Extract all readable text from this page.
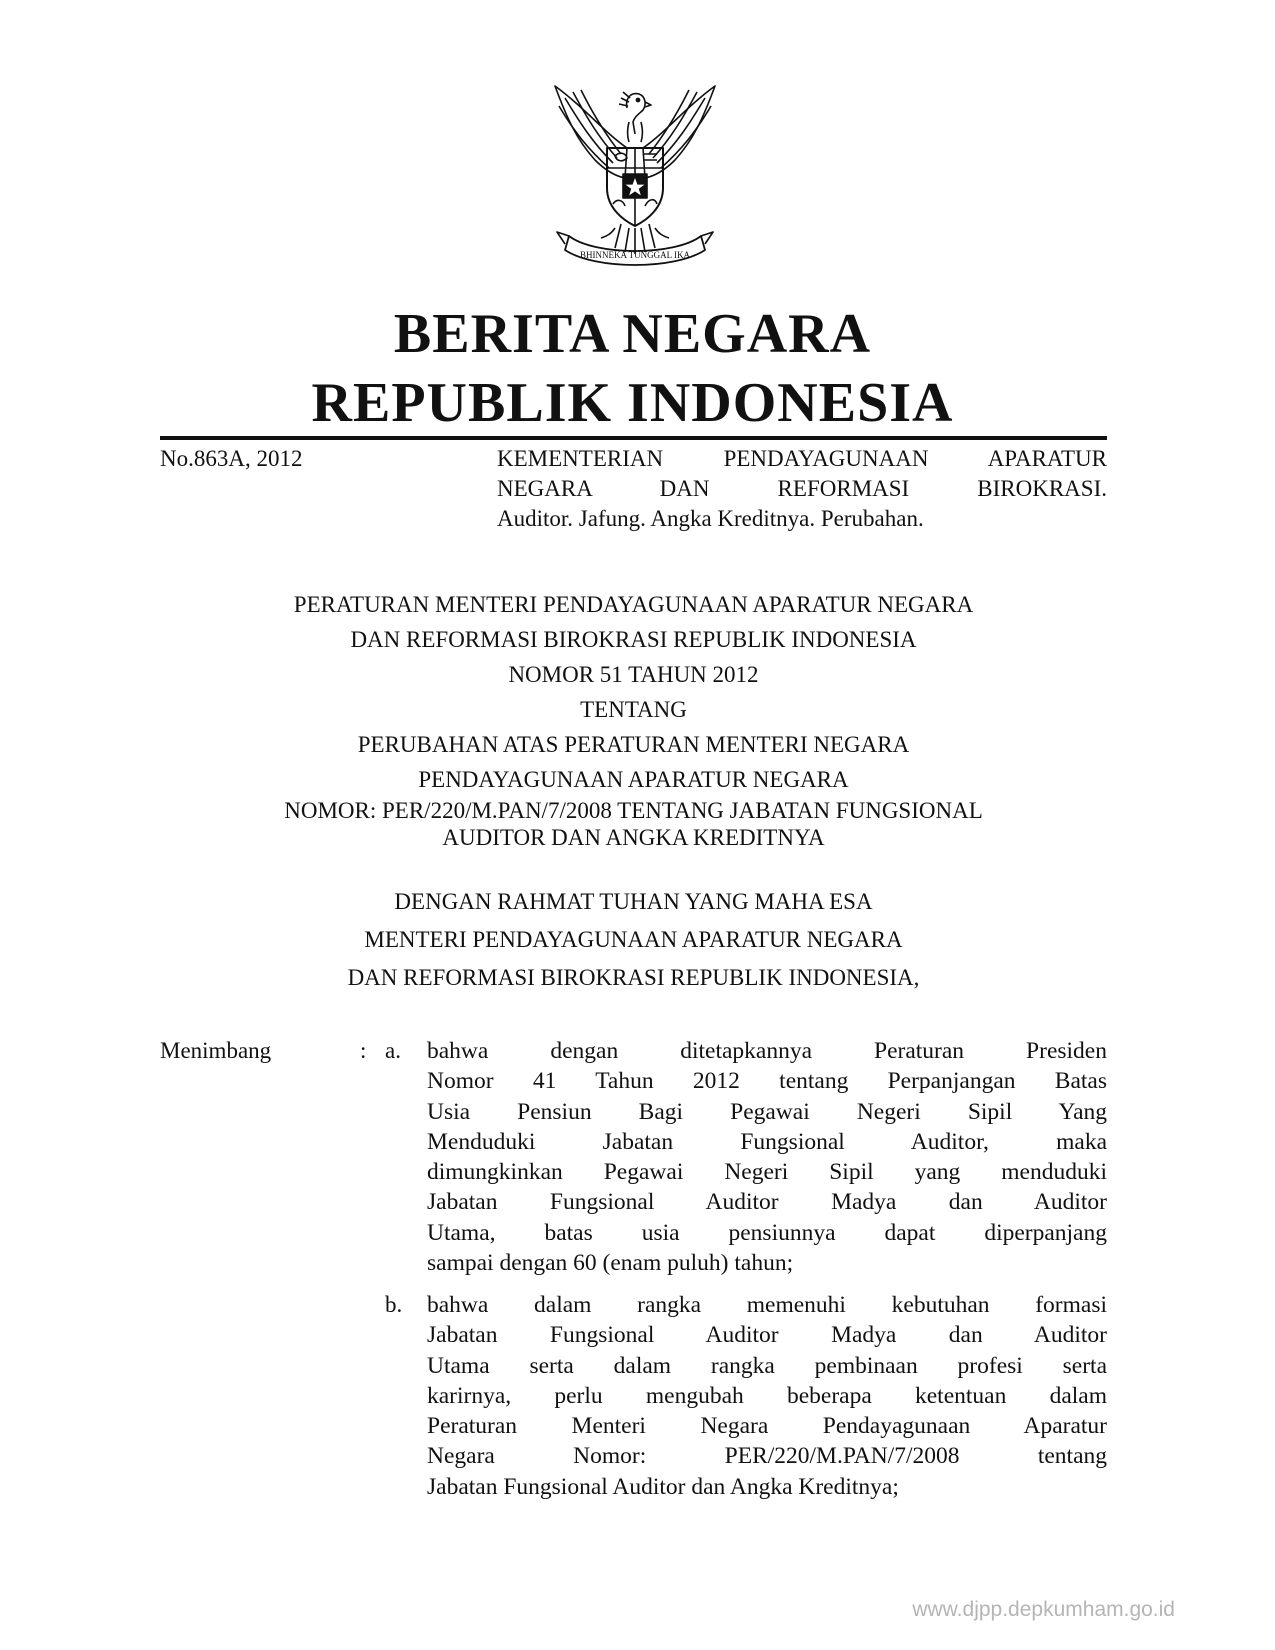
BHINNEKA TUNGGAL IKA
BERITA NEGARA
REPUBLIK INDONESIA
No.863A, 2012	KEMENTERIAN PENDAYAGUNAAN APARATUR
NEGARA DAN REFORMASI BIROKRASI.
Auditor. Jafung. Angka Kreditnya. Perubahan.
PERATURAN MENTERI PENDAYAGUNAAN APARATUR NEGARA
DAN REFORMASI BIROKRASI REPUBLIK INDONESIA
NOMOR 51 TAHUN 2012
TENTANG
PERUBAHAN ATAS PERATURAN MENTERI NEGARA
PENDAYAGUNAAN APARATUR NEGARA
NOMOR: PER/220/M.PAN/7/2008 TENTANG JABATAN FUNGSIONAL
AUDITOR DAN ANGKA KREDITNYA
DENGAN RAHMAT TUHAN YANG MAHA ESA
MENTERI PENDAYAGUNAAN APARATUR NEGARA
DAN REFORMASI BIROKRASI REPUBLIK INDONESIA,
Menimbang	: a. bahwa dengan ditetapkannya Peraturan Presiden
Nomor 41 Tahun 2012 tentang Perpanjangan Batas
Usia Pensiun Bagi Pegawai Negeri Sipil Yang
Menduduki Jabatan Fungsional Auditor, maka
dimungkinkan Pegawai Negeri Sipil yang menduduki
Jabatan Fungsional Auditor Madya dan Auditor
Utama, batas usia pensiunnya dapat diperpanjang
sampai dengan 60 (enam puluh) tahun;
b. bahwa dalam rangka memenuhi kebutuhan formasi
Jabatan Fungsional Auditor Madya dan Auditor
Utama serta dalam rangka pembinaan profesi serta
karirnya, perlu mengubah beberapa ketentuan dalam
Peraturan Menteri Negara Pendayagunaan Aparatur
Negara Nomor: PER/220/M.PAN/7/2008 tentang
Jabatan Fungsional Auditor dan Angka Kreditnya;
www.djpp.depkumham.go.id
